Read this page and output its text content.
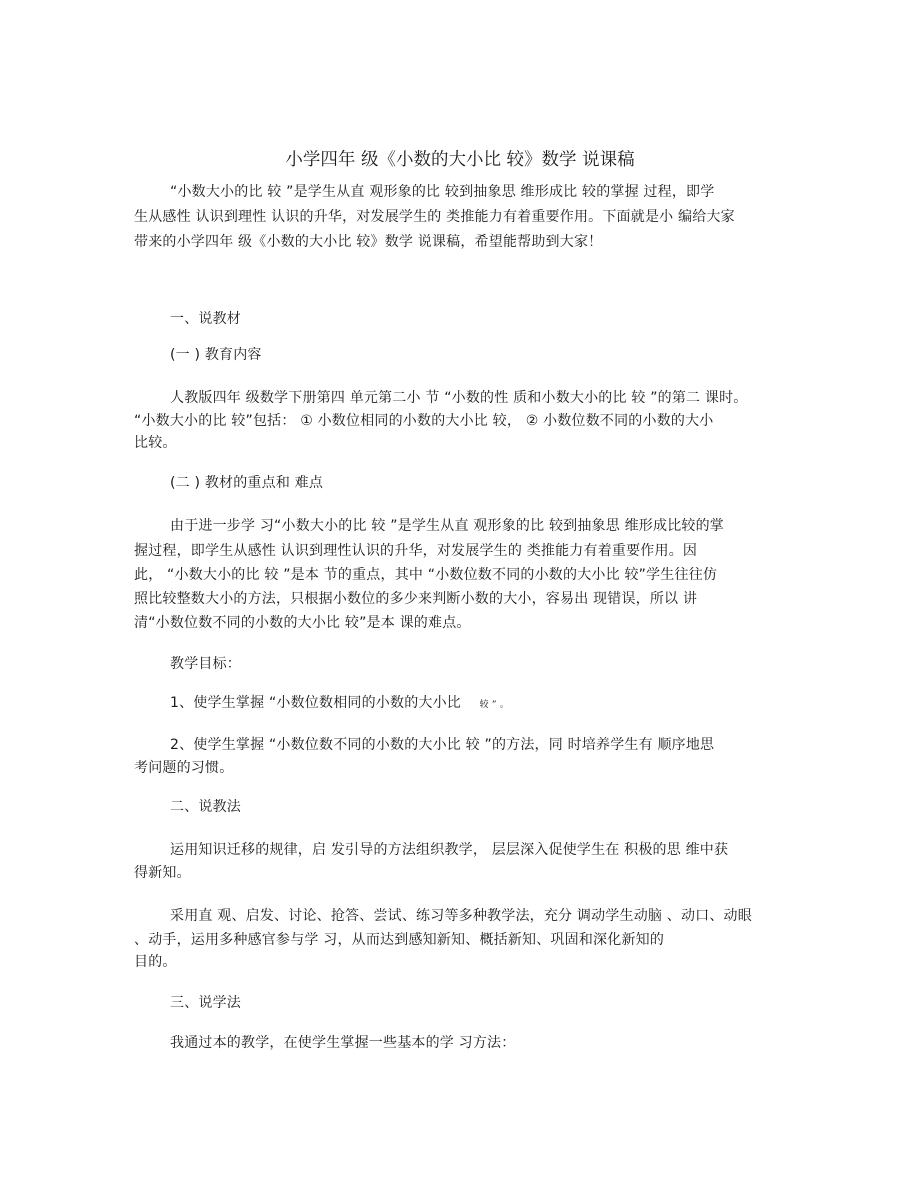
小学四年 级《小数的大小比 较》数学 说课稿
“小数大小的比 较 ”是学生从直 观形象的比 较到抽象思 维形成比 较的掌握 过程，即学
生从感性 认识到理性 认识的升华，对发展学生的 类推能力有着重要作用。下面就是小 编给大家
带来的小学四年 级《小数的大小比 较》数学 说课稿，希望能帮助到大家！
一、说教材
(一 ) 教育内容
人教版四年 级数学下册第四 单元第二小 节 “小数的性 质和小数大小的比 较 ”的第二 课时。
“小数大小的比 较”包括： ① 小数位相同的小数的大小比 较， ② 小数位数不同的小数的大小
比较。
(二 ) 教材的重点和 难点
由于进一步学 习“小数大小的比 较 ”是学生从直 观形象的比 较到抽象思 维形成比较的掌
握过程，即学生从感性 认识到理性认识的升华，对发展学生的 类推能力有着重要作用。因
此， “小数大小的比 较 ”是本 节的重点，其中 “小数位数不同的小数的大小比 较”学生往往仿
照比较整数大小的方法，只根据小数位的多少来判断小数的大小，容易出 现错误，所以 讲
清“小数位数不同的小数的大小比 较”是本 课的难点。
教学目标：
1、使学生掌握 “小数位数相同的小数的大小比 较 ” 。
2、使学生掌握 “小数位数不同的小数的大小比 较 ”的方法，同 时培养学生有 顺序地思
考问题的习惯。
二、说教法
运用知识迁移的规律，启 发引导的方法组织教学， 层层深入促使学生在 积极的思 维中获
得新知。
采用直 观、启发、讨论、抢答、尝试、练习等多种教学法，充分 调动学生动脑 、动口、动眼
、动手，运用多种感官参与学 习，从而达到感知新知、概括新知、巩固和深化新知的
目的。
三、说学法
我通过本的教学，在使学生掌握一些基本的学 习方法：
